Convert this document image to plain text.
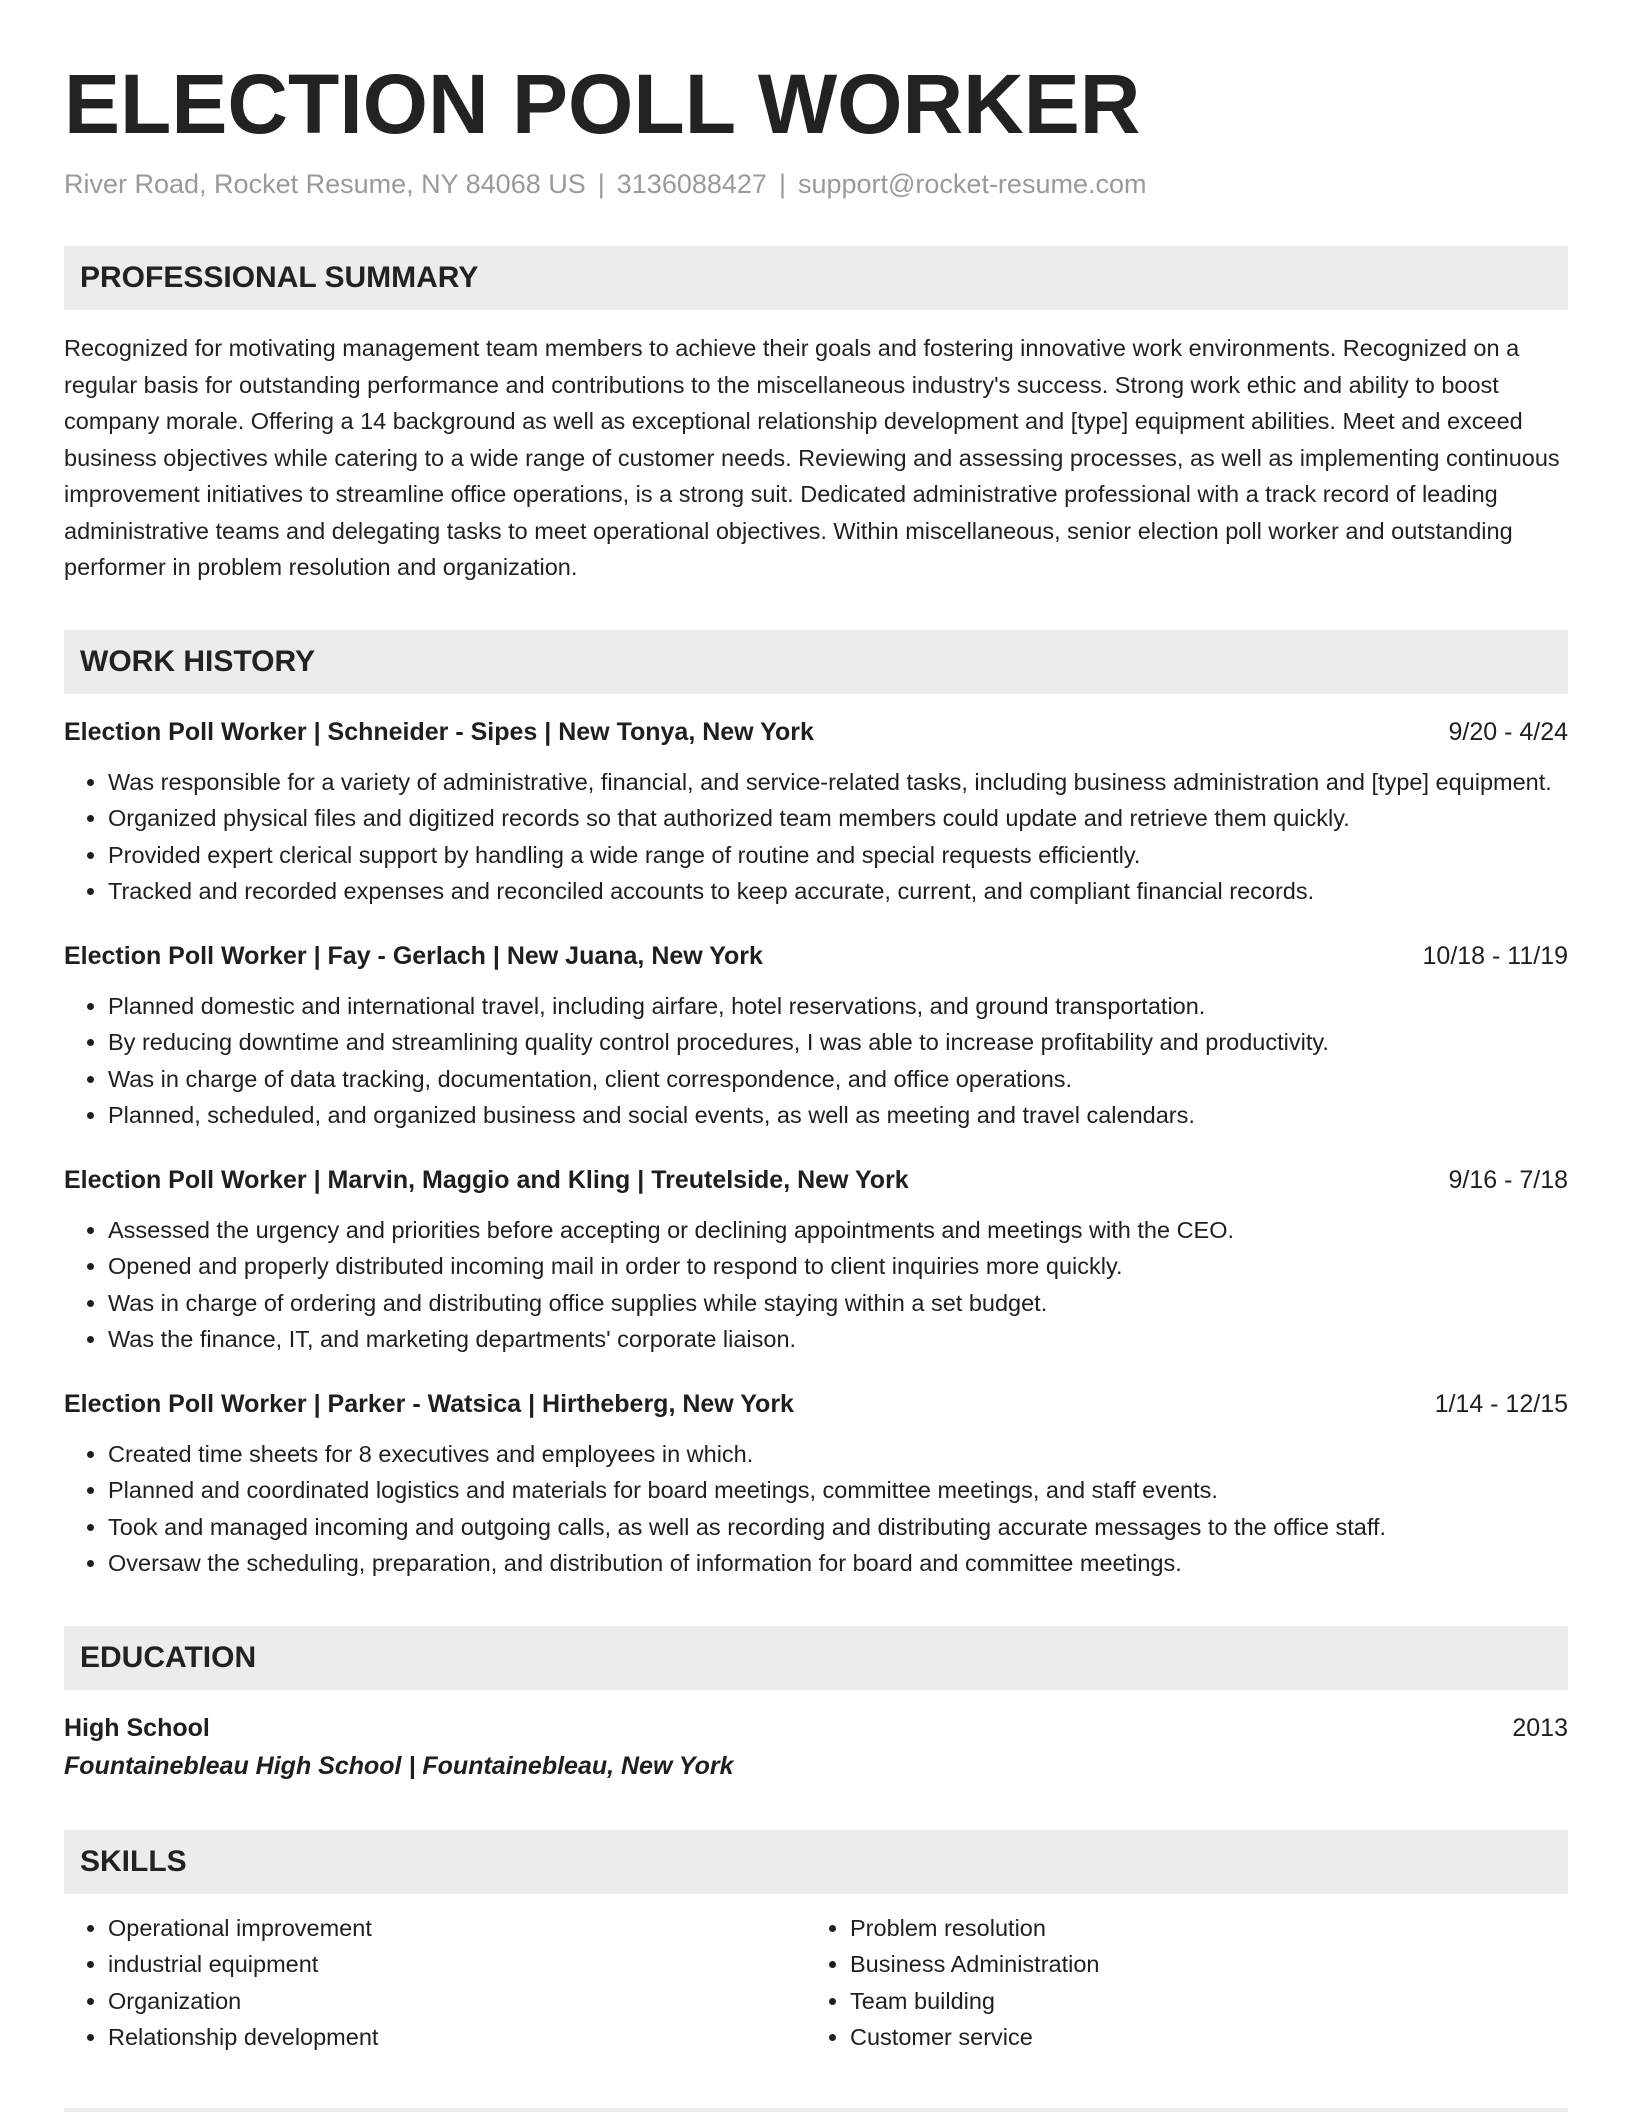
ELECTION POLL WORKER
River Road, Rocket Resume, NY 84068 US | 3136088427 | support@rocket-resume.com
PROFESSIONAL SUMMARY
Recognized for motivating management team members to achieve their goals and fostering innovative work environments. Recognized on a regular basis for outstanding performance and contributions to the miscellaneous industry's success. Strong work ethic and ability to boost company morale. Offering a 14 background as well as exceptional relationship development and [type] equipment abilities. Meet and exceed business objectives while catering to a wide range of customer needs. Reviewing and assessing processes, as well as implementing continuous improvement initiatives to streamline office operations, is a strong suit. Dedicated administrative professional with a track record of leading administrative teams and delegating tasks to meet operational objectives. Within miscellaneous, senior election poll worker and outstanding performer in problem resolution and organization.
WORK HISTORY
Election Poll Worker | Schneider - Sipes | New Tonya, New York	9/20 - 4/24
• Was responsible for a variety of administrative, financial, and service-related tasks, including business administration and [type] equipment.
• Organized physical files and digitized records so that authorized team members could update and retrieve them quickly.
• Provided expert clerical support by handling a wide range of routine and special requests efficiently.
• Tracked and recorded expenses and reconciled accounts to keep accurate, current, and compliant financial records.
Election Poll Worker | Fay - Gerlach | New Juana, New York	10/18 - 11/19
• Planned domestic and international travel, including airfare, hotel reservations, and ground transportation.
• By reducing downtime and streamlining quality control procedures, I was able to increase profitability and productivity.
• Was in charge of data tracking, documentation, client correspondence, and office operations.
• Planned, scheduled, and organized business and social events, as well as meeting and travel calendars.
Election Poll Worker | Marvin, Maggio and Kling | Treutelside, New York	9/16 - 7/18
• Assessed the urgency and priorities before accepting or declining appointments and meetings with the CEO.
• Opened and properly distributed incoming mail in order to respond to client inquiries more quickly.
• Was in charge of ordering and distributing office supplies while staying within a set budget.
• Was the finance, IT, and marketing departments' corporate liaison.
Election Poll Worker | Parker - Watsica | Hirtheberg, New York	1/14 - 12/15
• Created time sheets for 8 executives and employees in which.
• Planned and coordinated logistics and materials for board meetings, committee meetings, and staff events.
• Took and managed incoming and outgoing calls, as well as recording and distributing accurate messages to the office staff.
• Oversaw the scheduling, preparation, and distribution of information for board and committee meetings.
EDUCATION
High School	2013
Fountainebleau High School | Fountainebleau, New York
SKILLS
• Operational improvement
• industrial equipment
• Organization
• Relationship development
• Problem resolution
• Business Administration
• Team building
• Customer service
